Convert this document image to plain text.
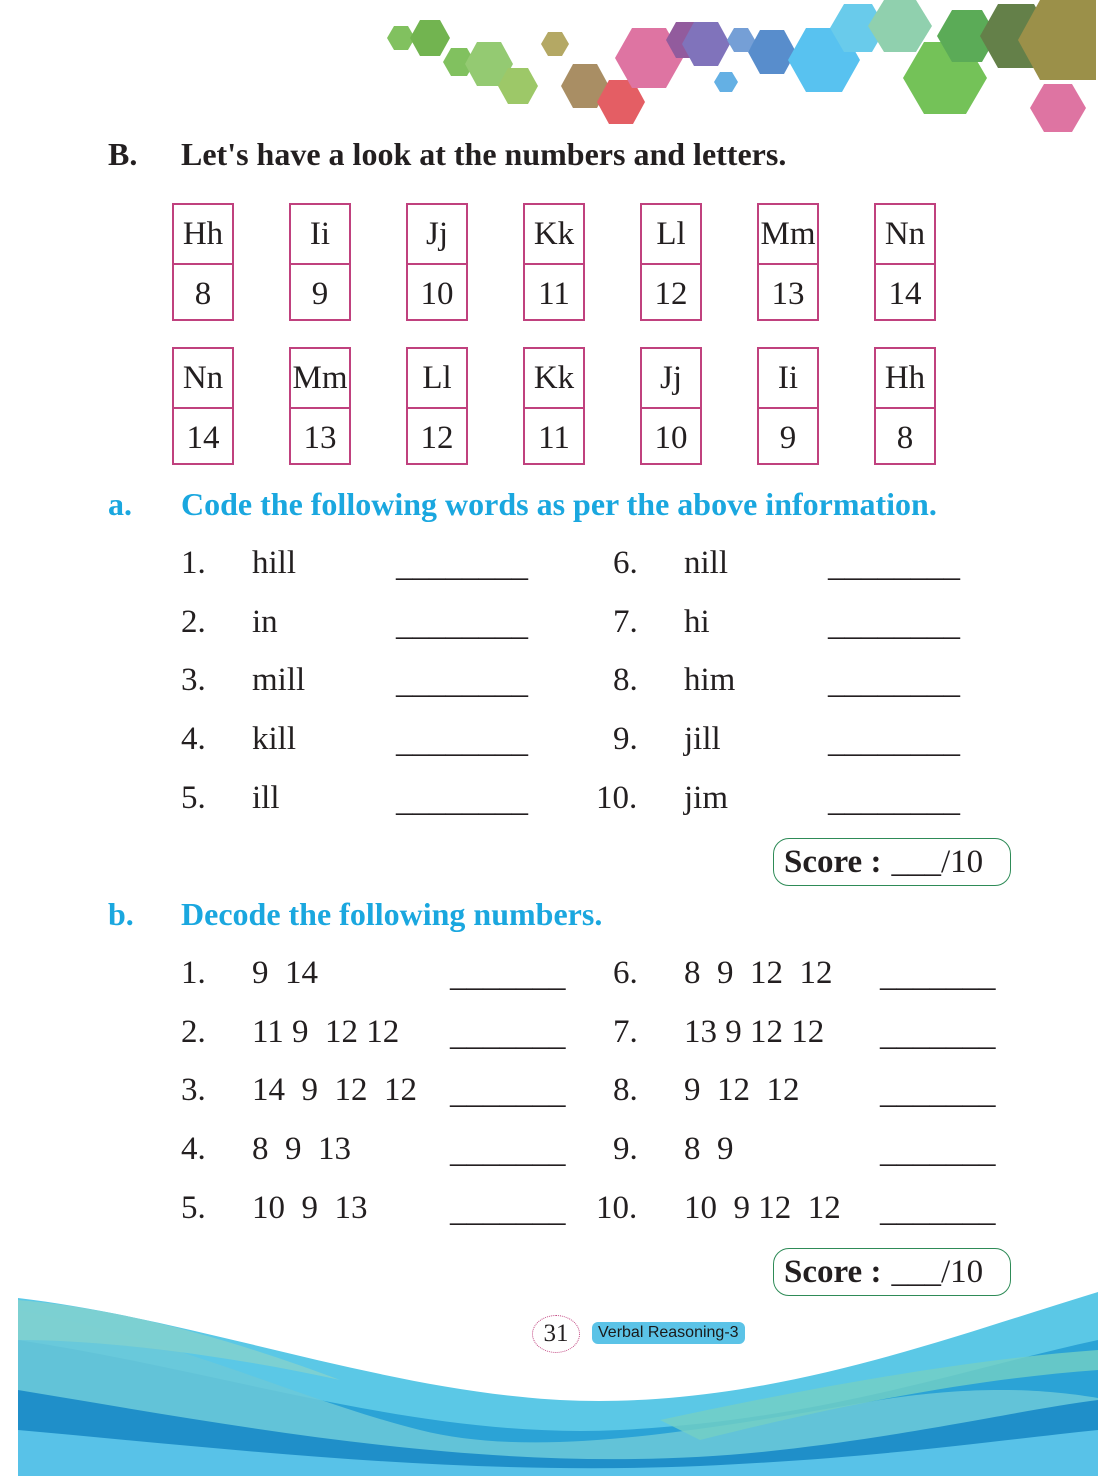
B. Let's have a look at the numbers and letters.
Hh
8
Ii
9
Jj
10
Kk
11
Ll
12
Mm
13
Nn
14
Nn
14
Mm
13
Ll
12
Kk
11
Jj
10
Ii
9
Hh
8
a. Code the following words as per the above information.
1. hill	________
2. in	________
3. mill	________
4. kill	________
5. ill	________
6. nill	________
7. hi	________
8. him	________
9. jill	________
10. jim	________
Score : ___/10
b. Decode the following numbers.
1. 9  14	_______
2. 11 9  12 12 _______
3. 14  9  12  12 _______
4. 8  9  13	_______
5. 10  9  13	_______
6. 8  9  12  12 _______
7. 13 9 12 12 _______
8. 9  12  12 _______
9. 8  9	_______
10. 10  9 12  12 _______
Score : ___/10
31	Verbal Reasoning-3
